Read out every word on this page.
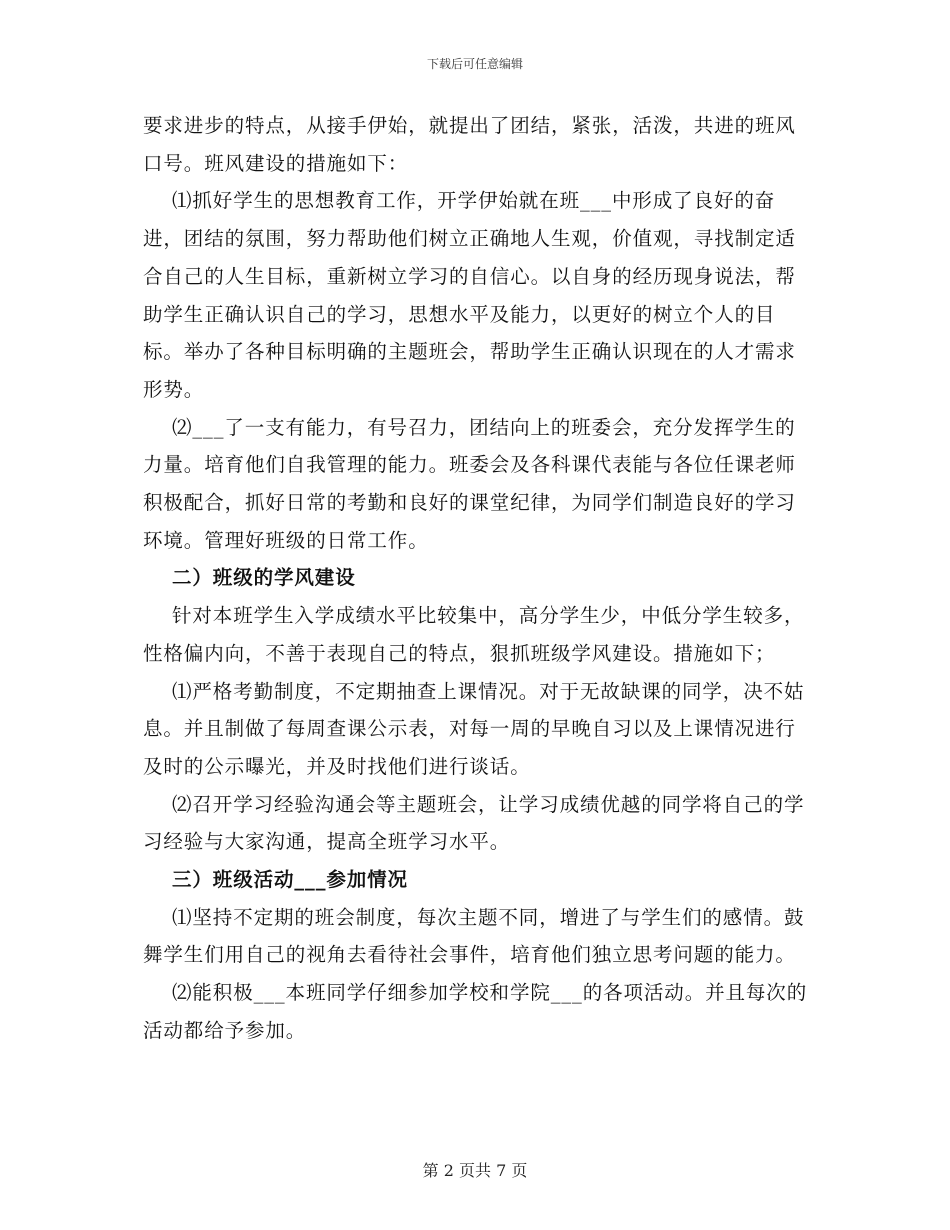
下载后可任意编辑

要求进步的特点，从接手伊始，就提出了团结，紧张，活泼，共进的班风口号。班风建设的措施如下：

⑴抓好学生的思想教育工作，开学伊始就在班___中形成了良好的奋进，团结的氛围，努力帮助他们树立正确地人生观，价值观，寻找制定适合自己的人生目标，重新树立学习的自信心。以自身的经历现身说法，帮助学生正确认识自己的学习，思想水平及能力，以更好的树立个人的目标。举办了各种目标明确的主题班会，帮助学生正确认识现在的人才需求形势。

⑵___了一支有能力，有号召力，团结向上的班委会，充分发挥学生的力量。培育他们自我管理的能力。班委会及各科课代表能与各位任课老师积极配合，抓好日常的考勤和良好的课堂纪律，为同学们制造良好的学习环境。管理好班级的日常工作。

二）班级的学风建设

针对本班学生入学成绩水平比较集中，高分学生少，中低分学生较多，性格偏内向，不善于表现自己的特点，狠抓班级学风建设。措施如下；

⑴严格考勤制度，不定期抽查上课情况。对于无故缺课的同学，决不姑息。并且制做了每周查课公示表，对每一周的早晚自习以及上课情况进行及时的公示曝光，并及时找他们进行谈话。

⑵召开学习经验沟通会等主题班会，让学习成绩优越的同学将自己的学习经验与大家沟通，提高全班学习水平。

三）班级活动___参加情况

⑴坚持不定期的班会制度，每次主题不同，增进了与学生们的感情。鼓舞学生们用自己的视角去看待社会事件，培育他们独立思考问题的能力。

⑵能积极___本班同学仔细参加学校和学院___的各项活动。并且每次的活动都给予参加。

第 2 页共 7 页
